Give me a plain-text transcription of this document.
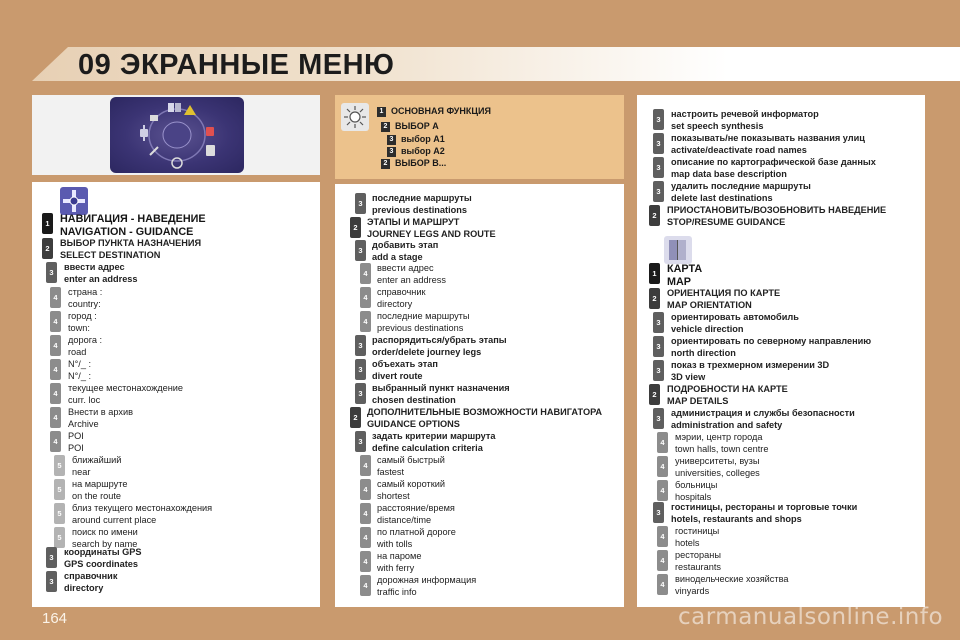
09 ЭКРАННЫЕ МЕНЮ
1 ОСНОВНАЯ ФУНКЦИЯ
2 ВЫБОР A
3 выбор A1
3 выбор A2
2 ВЫБОР B...
1 НАВИГАЦИЯ - НАВЕДЕНИЕ
NAVIGATION - GUIDANCE
2
ВЫБОР ПУНКТА НАЗНАЧЕНИЯ
SELECT DESTINATION
3
ввести адрес
enter an address
4
страна :
country:
4
город :
town:
4
дорога :
road
4
N°/_ :
N°/_ :
4
текущее местонахождение
curr. loc
4
Внести в архив
Archive
4
POI
POI
5
ближайший
near
5
на маршруте
on the route
5
близ текущего местонахождения
around current place
5
поиск по имени
search by name
3
координаты GPS
GPS coordinates
3
справочник
directory
3
последние маршруты
previous destinations
2
ЭТАПЫ И МАРШРУТ
JOURNEY LEGS AND ROUTE
3
добавить этап
add a stage
4
ввести адрес
enter an address
4
справочник
directory
4
последние маршруты
previous destinations
3
распорядиться/убрать этапы
order/delete journey legs
3
объехать этап
divert route
3
выбранный пункт назначения
chosen destination
2
ДОПОЛНИТЕЛЬНЫЕ ВОЗМОЖНОСТИ НАВИГАТОРА
GUIDANCE OPTIONS
3
задать критерии маршрута
define calculation criteria
4
самый быстрый
fastest
4
самый короткий
shortest
4
расстояние/время
distance/time
4
по платной дороге
with tolls
4
на пароме
with ferry
4
дорожная информация
traffic info
3
настроить речевой информатор
set speech synthesis
3
показывать/не показывать названия улиц
activate/deactivate road names
3
описание по картографической базе данных
map data base description
3
удалить последние маршруты
delete last destinations
2
ПРИОСТАНОВИТЬ/ВОЗОБНОВИТЬ НАВЕДЕНИЕ
STOP/RESUME GUIDANCE
1 КАРТА
MAP
2
ОРИЕНТАЦИЯ ПО КАРТЕ
MAP ORIENTATION
3
ориентировать автомобиль
vehicle direction
3
ориентировать по северному направлению
north direction
3
показ в трехмерном измерении 3D
3D view
2
ПОДРОБНОСТИ НА КАРТЕ
MAP DETAILS
3
администрация и службы безопасности
administration and safety
4
мэрии, центр города
town halls, town centre
4
университеты, вузы
universities, colleges
4
больницы
hospitals
3
гостиницы, рестораны и торговые точки
hotels, restaurants and shops
4
гостиницы
hotels
4
рестораны
restaurants
4
винодельческие хозяйства
vinyards
164	carmanualsonline.info
